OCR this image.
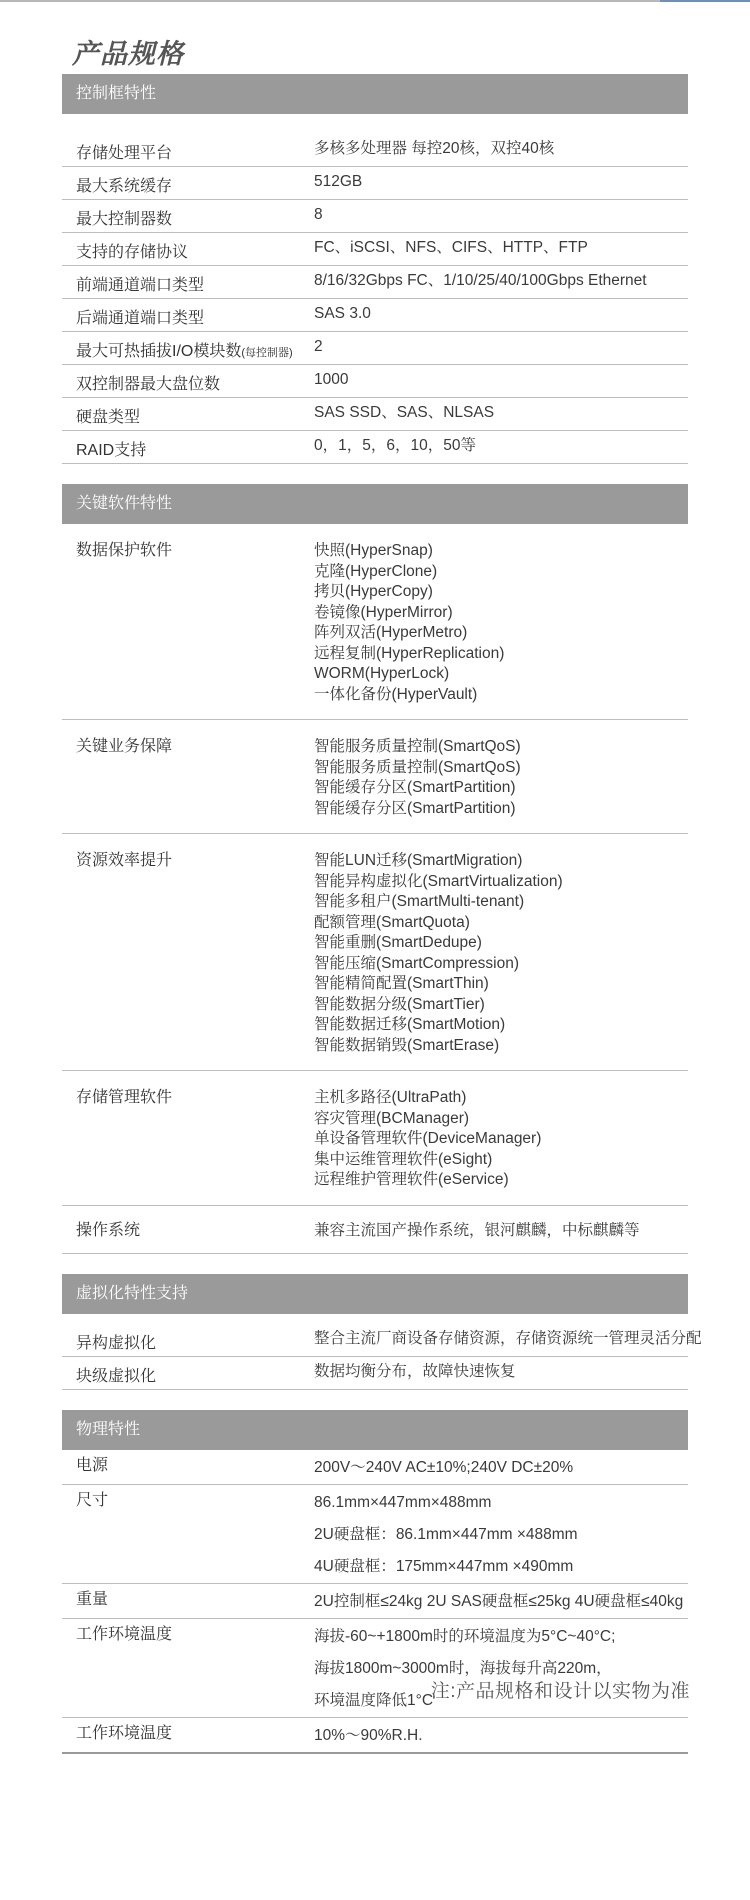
产品规格
控制框特性
存储处理平台	多核多处理器 每控20核，双控40核
最大系统缓存	512GB
最大控制器数	8
支持的存储协议	FC、iSCSI、NFS、CIFS、HTTP、FTP
前端通道端口类型	8/16/32Gbps FC、1/10/25/40/100Gbps Ethernet
后端通道端口类型	SAS 3.0
最大可热插拔I/O模块数(每控制器)	2
双控制器最大盘位数	1000
硬盘类型	SAS SSD、SAS、NLSAS
RAID支持	0，1，5，6，10，50等
关键软件特性
数据保护软件	快照(HyperSnap)
克隆(HyperClone)
拷贝(HyperCopy)
卷镜像(HyperMirror)
阵列双活(HyperMetro)
远程复制(HyperReplication)
WORM(HyperLock)
一体化备份(HyperVault)
关键业务保障	智能服务质量控制(SmartQoS)
智能服务质量控制(SmartQoS)
智能缓存分区(SmartPartition)
智能缓存分区(SmartPartition)
资源效率提升	智能LUN迁移(SmartMigration)
智能异构虚拟化(SmartVirtualization)
智能多租户(SmartMulti-tenant)
配额管理(SmartQuota)
智能重删(SmartDedupe)
智能压缩(SmartCompression)
智能精简配置(SmartThin)
智能数据分级(SmartTier)
智能数据迁移(SmartMotion)
智能数据销毁(SmartErase)
存储管理软件	主机多路径(UltraPath)
容灾管理(BCManager)
单设备管理软件(DeviceManager)
集中运维管理软件(eSight)
远程维护管理软件(eService)
操作系统	兼容主流国产操作系统，银河麒麟，中标麒麟等
虚拟化特性支持
异构虚拟化	整合主流厂商设备存储资源，存储资源统一管理灵活分配
块级虚拟化	数据均衡分布，故障快速恢复
物理特性
电源	200V～240V AC±10%;240V DC±20%
尺寸	86.1mm×447mm×488mm
2U硬盘框：86.1mm×447mm ×488mm
4U硬盘框：175mm×447mm ×490mm
重量	2U控制框≤24kg 2U SAS硬盘框≤25kg 4U硬盘框≤40kg
工作环境温度	海拔-60~+1800m时的环境温度为5°C~40°C;
海拔1800m~3000m时，海拔每升高220m，
环境温度降低1°C
工作环境温度	10%～90%R.H.
注:产品规格和设计以实物为准
